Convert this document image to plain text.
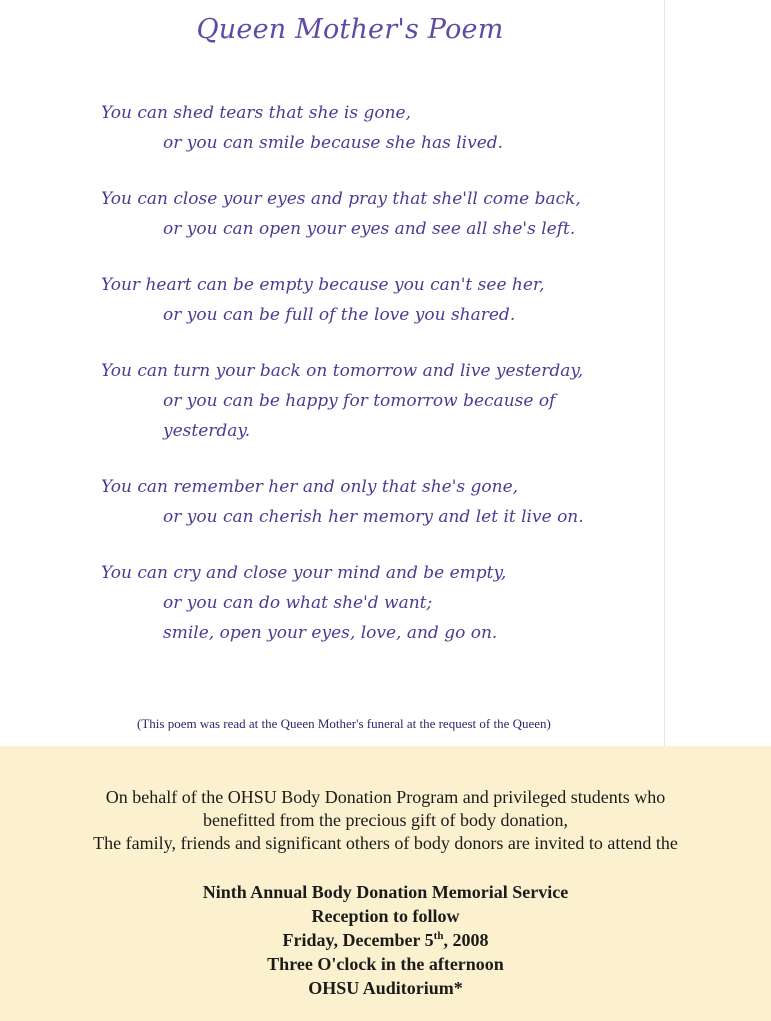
Queen Mother's Poem
You can shed tears that she is gone,
or you can smile because she has lived.
You can close your eyes and pray that she'll come back,
or you can open your eyes and see all she's left.
Your heart can be empty because you can't see her,
or you can be full of the love you shared.
You can turn your back on tomorrow and live yesterday,
or you can be happy for tomorrow because of
yesterday.
You can remember her and only that she's gone,
or you can cherish her memory and let it live on.
You can cry and close your mind and be empty,
or you can do what she'd want;
smile, open your eyes, love, and go on.
(This poem was read at the Queen Mother's funeral at the request of the Queen)
On behalf of the OHSU Body Donation Program and privileged students who
benefitted from the precious gift of body donation,
The family, friends and significant others of body donors are invited to attend the
Ninth Annual Body Donation Memorial Service
Reception to follow
Friday, December 5th, 2008
Three O'clock in the afternoon
OHSU Auditorium*
